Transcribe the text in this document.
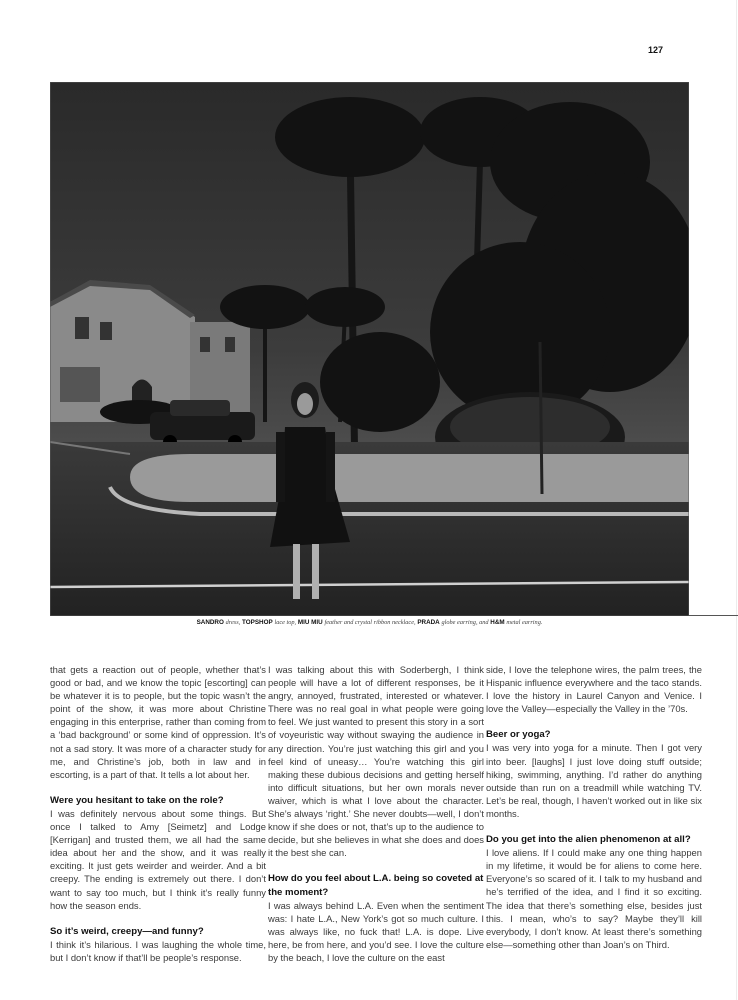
127
SANDRO dress, TOPSHOP lace top, MIU MIU feather and crystal ribbon necklace, PRADA globe earring, and H&M metal earring.

that gets a reaction out of people, whether that’s good or bad, and we know the topic [escorting] can be whatever it is to people, but the topic wasn’t the point of the show, it was more about Christine engaging in this enterprise, rather than coming from a ‘bad background’ or some kind of oppression. It’s not a sad story. It was more of a character study for me, and Christine’s job, both in law and in escorting, is a part of that. It tells a lot about her.

Were you hesitant to take on the role?

I was definitely nervous about some things. But once I talked to Amy [Seimetz] and Lodge [Kerrigan] and trusted them, we all had the same idea about her and the show, and it was really exciting. It just gets weirder and weirder. And a bit creepy. The ending is extremely out there. I don’t want to say too much, but I think it’s really funny how the season ends.

So it’s weird, creepy—and funny?

I think it’s hilarious. I was laughing the whole time, but I don’t know if that’ll be people’s response.

I was talking about this with Soderbergh, I think people will have a lot of different responses, be it angry, annoyed, frustrated, interested or whatever. There was no real goal in what people were going to feel. We just wanted to present this story in a sort of voyeuristic way without swaying the audience in any direction. You’re just watching this girl and you feel kind of uneasy… You’re watching this girl making these dubious decisions and getting herself into difficult situations, but her own morals never waiver, which is what I love about the character. She’s always ‘right.’ She never doubts—well, I don’t know if she does or not, that’s up to the audience to decide, but she believes in what she does and does it the best she can.

How do you feel about L.A. being so coveted at the moment?

I was always behind L.A. Even when the sentiment was: I hate L.A., New York’s got so much culture. I was always like, no fuck that! L.A. is dope. Live here, be from here, and you’d see. I love the culture by the beach, I love the culture on the east

side, I love the telephone wires, the palm trees, the Hispanic influence everywhere and the taco stands. I love the history in Laurel Canyon and Venice. I love the Valley—especially the Valley in the ’70s.

Beer or yoga?

I was very into yoga for a minute. Then I got very into beer. [laughs] I just love doing stuff outside; hiking, swimming, anything. I’d rather do anything outside than run on a treadmill while watching TV. Let’s be real, though, I haven’t worked out in like six months.

Do you get into the alien phenomenon at all?

I love aliens. If I could make any one thing happen in my lifetime, it would be for aliens to come here. Everyone’s so scared of it. I talk to my husband and he’s terrified of the idea, and I find it so exciting. The idea that there’s something else, besides just this. I mean, who’s to say? Maybe they’ll kill everybody, I don’t know. At least there’s something else—something other than Joan’s on Third.
